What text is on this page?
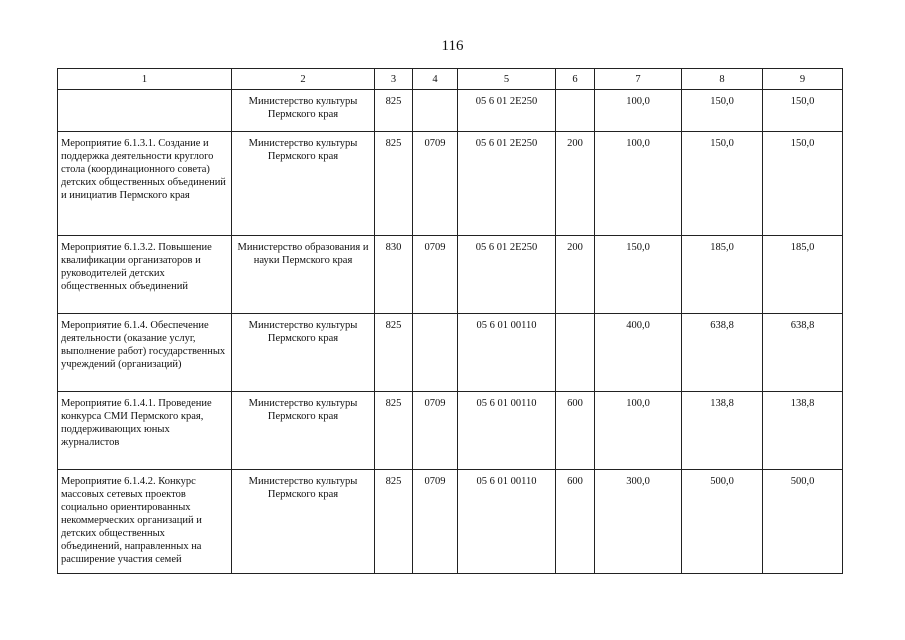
116
1	2	3	4	5	6	7	8	9
	Министерство культуры Пермского края	825		05 6 01 2Е250		100,0	150,0	150,0
Мероприятие 6.1.3.1. Создание и поддержка деятельности круглого стола (координационного совета) детских общественных объединений и инициатив Пермского края	Министерство культуры Пермского края	825	0709	05 6 01 2Е250	200	100,0	150,0	150,0
Мероприятие 6.1.3.2. Повышение квалификации организаторов и руководителей детских общественных объединений	Министерство образования и науки Пермского края	830	0709	05 6 01 2Е250	200	150,0	185,0	185,0
Мероприятие 6.1.4. Обеспечение деятельности (оказание услуг, выполнение работ) государственных учреждений (организаций)	Министерство культуры Пермского края	825		05 6 01 00110		400,0	638,8	638,8
Мероприятие 6.1.4.1. Проведение конкурса СМИ Пермского края, поддерживающих юных журналистов	Министерство культуры Пермского края	825	0709	05 6 01 00110	600	100,0	138,8	138,8
Мероприятие 6.1.4.2. Конкурс массовых сетевых проектов социально ориентированных некоммерческих организаций и детских общественных объединений, направленных на расширение участия семей	Министерство культуры Пермского края	825	0709	05 6 01 00110	600	300,0	500,0	500,0
